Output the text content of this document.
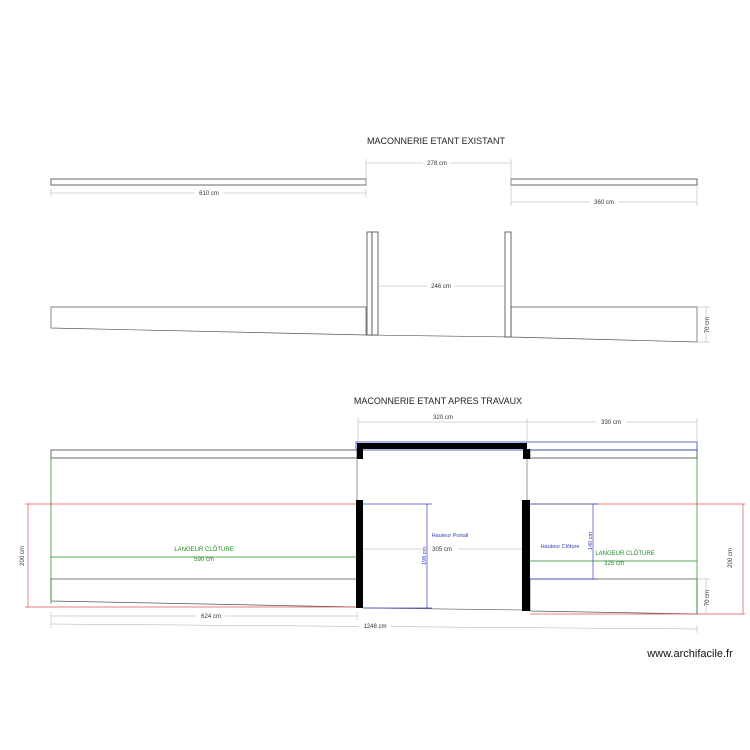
MACONNERIE ETANT EXISTANT
610 cm
278 cm
360 cm
246 cm
70 cm
MACONNERIE ETANT APRES TRAVAUX
320 cm
330 cm
LANGEUR CLÔTURE
590 cm
LANGEUR CLÔTURE
325 cm
Hauteur Portail
198 cm	Hauteur Clôture 140 cm
305 cm
200 cm	200 cm
70 cm
624 cm
1248 cm
www.archifacile.fr
